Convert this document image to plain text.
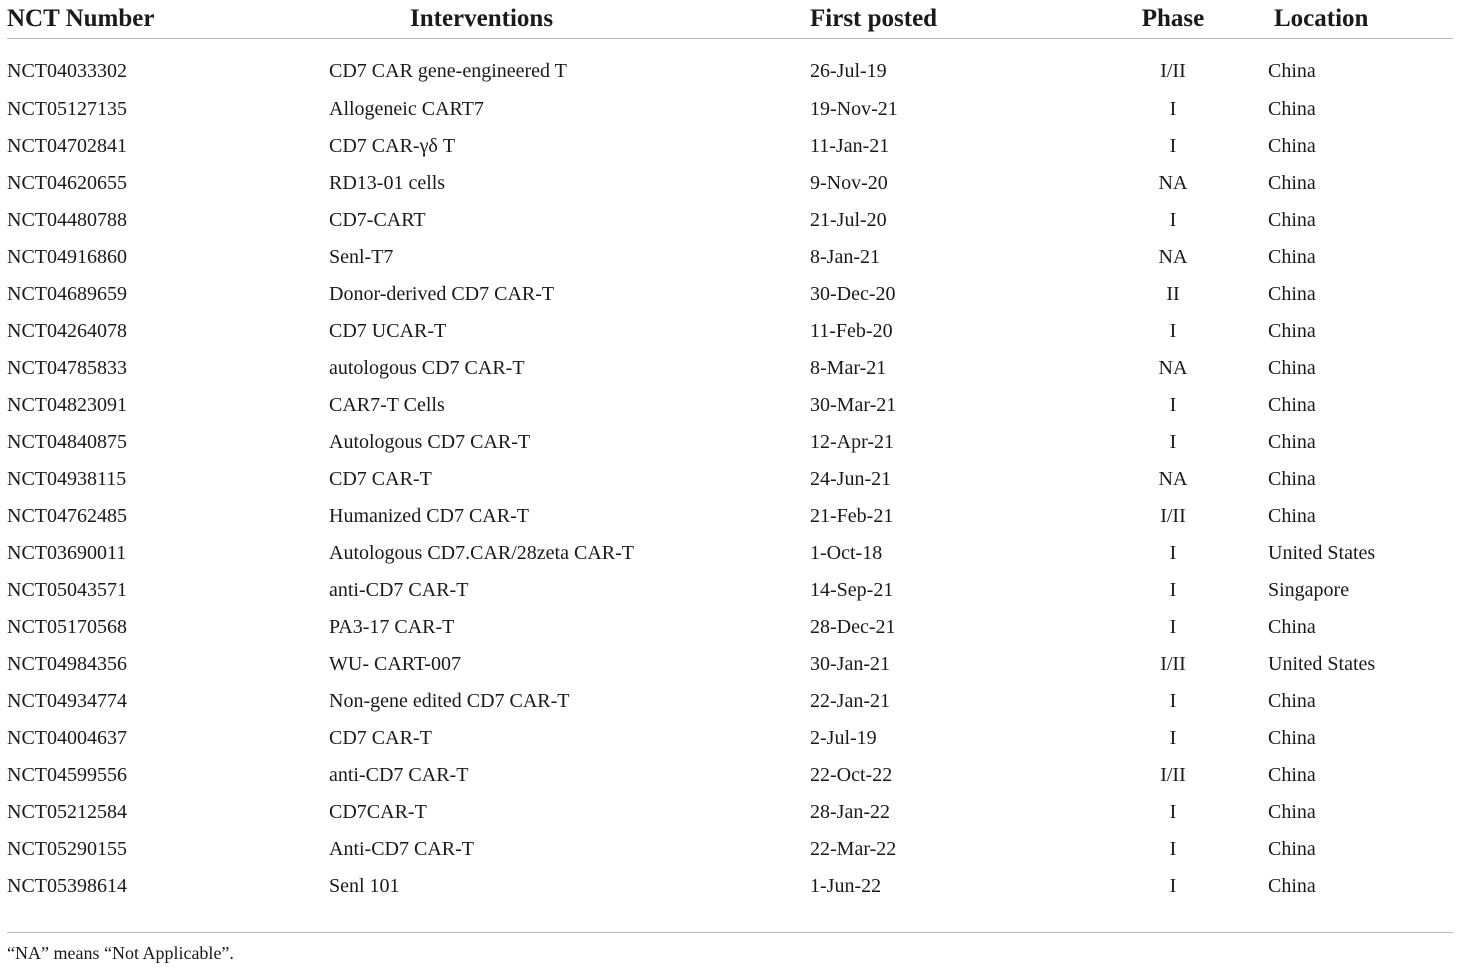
NCT Number	Interventions	First posted	Phase	Location
NCT04033302	CD7 CAR gene-engineered T	26-Jul-19	I/II	China
NCT05127135	Allogeneic CART7	19-Nov-21	I	China
NCT04702841	CD7 CAR-γδ T	11-Jan-21	I	China
NCT04620655	RD13-01 cells	9-Nov-20	NA	China
NCT04480788	CD7-CART	21-Jul-20	I	China
NCT04916860	Senl-T7	8-Jan-21	NA	China
NCT04689659	Donor-derived CD7 CAR-T	30-Dec-20	II	China
NCT04264078	CD7 UCAR-T	11-Feb-20	I	China
NCT04785833	autologous CD7 CAR-T	8-Mar-21	NA	China
NCT04823091	CAR7-T Cells	30-Mar-21	I	China
NCT04840875	Autologous CD7 CAR-T	12-Apr-21	I	China
NCT04938115	CD7 CAR-T	24-Jun-21	NA	China
NCT04762485	Humanized CD7 CAR-T	21-Feb-21	I/II	China
NCT03690011	Autologous CD7.CAR/28zeta CAR-T	1-Oct-18	I	United States
NCT05043571	anti-CD7 CAR-T	14-Sep-21	I	Singapore
NCT05170568	PA3-17 CAR-T	28-Dec-21	I	China
NCT04984356	WU- CART-007	30-Jan-21	I/II	United States
NCT04934774	Non-gene edited CD7 CAR-T	22-Jan-21	I	China
NCT04004637	CD7 CAR-T	2-Jul-19	I	China
NCT04599556	anti-CD7 CAR-T	22-Oct-22	I/II	China
NCT05212584	CD7CAR-T	28-Jan-22	I	China
NCT05290155	Anti-CD7 CAR-T	22-Mar-22	I	China
NCT05398614	Senl 101	1-Jun-22	I	China
“NA” means “Not Applicable”.
